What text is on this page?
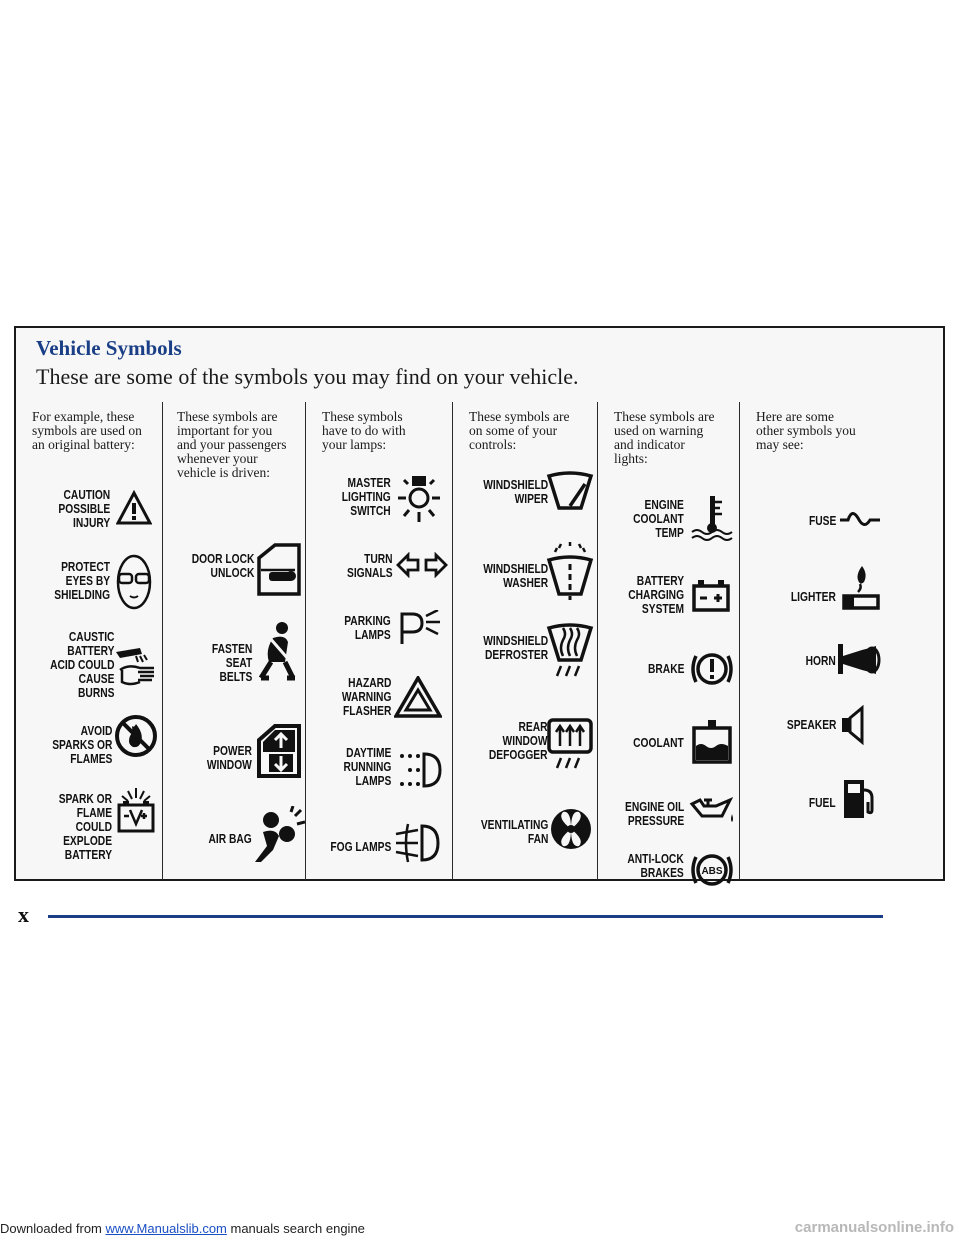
Vehicle Symbols
These are some of the symbols you may find on your vehicle.
For example, these symbols are used on an original battery:
CAUTION
POSSIBLE
INJURY
PROTECT
EYES BY
SHIELDING
CAUSTIC
BATTERY
ACID COULD
CAUSE
BURNS
AVOID
SPARKS OR
FLAMES
SPARK OR
FLAME
COULD
EXPLODE
BATTERY
These symbols are important for you and your passengers whenever your vehicle is driven:
DOOR LOCK
UNLOCK
FASTEN
SEAT
BELTS
POWER
WINDOW
AIR BAG
These symbols have to do with your lamps:
MASTER
LIGHTING
SWITCH
TURN
SIGNALS
PARKING
LAMPS
HAZARD
WARNING
FLASHER
DAYTIME
RUNNING
LAMPS
FOG LAMPS
These symbols are on some of your controls:
WINDSHIELD
WIPER
WINDSHIELD
WASHER
WINDSHIELD
DEFROSTER
REAR
WINDOW
DEFOGGER
VENTILATING
FAN
These symbols are used on warning and indicator lights:
ENGINE
COOLANT
TEMP
BATTERY
CHARGING
SYSTEM
BRAKE
COOLANT
ENGINE OIL
PRESSURE
ANTI-LOCK
BRAKES ABS
Here are some other symbols you may see:
FUSE
LIGHTER
HORN
SPEAKER
FUEL
x
Downloaded from www.Manualslib.com manuals search engine	carmanualsonline.info
